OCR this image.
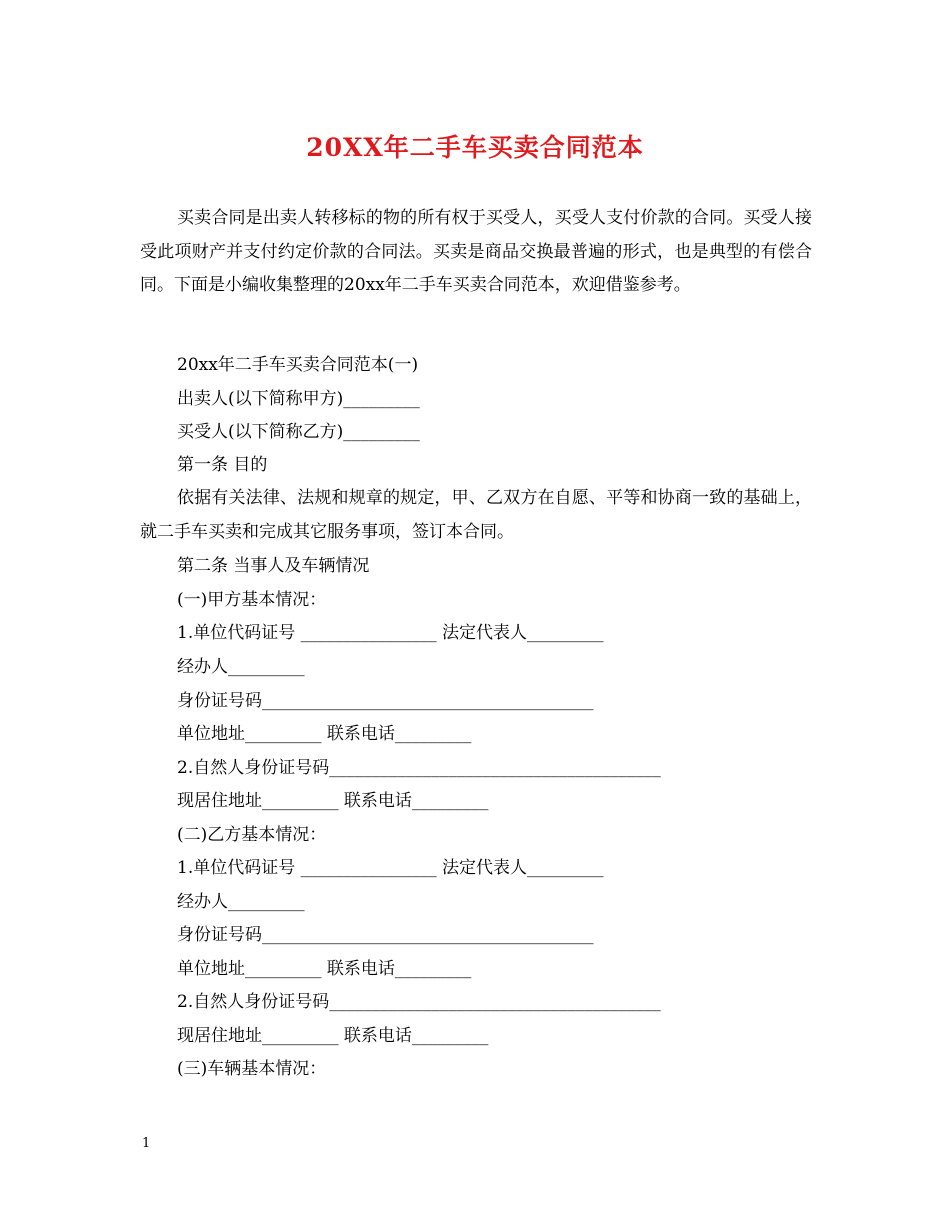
20XX年二手车买卖合同范本
买卖合同是出卖人转移标的物的所有权于买受人，买受人支付价款的合同。买受人接受此项财产并支付约定价款的合同法。买卖是商品交换最普遍的形式，也是典型的有偿合同。下面是小编收集整理的20xx年二手车买卖合同范本，欢迎借鉴参考。
20xx年二手车买卖合同范本(一)
出卖人(以下简称甲方)_________
买受人(以下简称乙方)_________
第一条 目的
依据有关法律、法规和规章的规定，甲、乙双方在自愿、平等和协商一致的基础上，就二手车买卖和完成其它服务事项，签订本合同。
第二条 当事人及车辆情况
(一)甲方基本情况：
1.单位代码证号 ________________ 法定代表人_________
经办人_________
身份证号码_______________________________________
单位地址_________ 联系电话_________
2.自然人身份证号码_______________________________________
现居住地址_________ 联系电话_________
(二)乙方基本情况：
1.单位代码证号 ________________ 法定代表人_________
经办人_________
身份证号码_______________________________________
单位地址_________ 联系电话_________
2.自然人身份证号码_______________________________________
现居住地址_________ 联系电话_________
(三)车辆基本情况：
1
